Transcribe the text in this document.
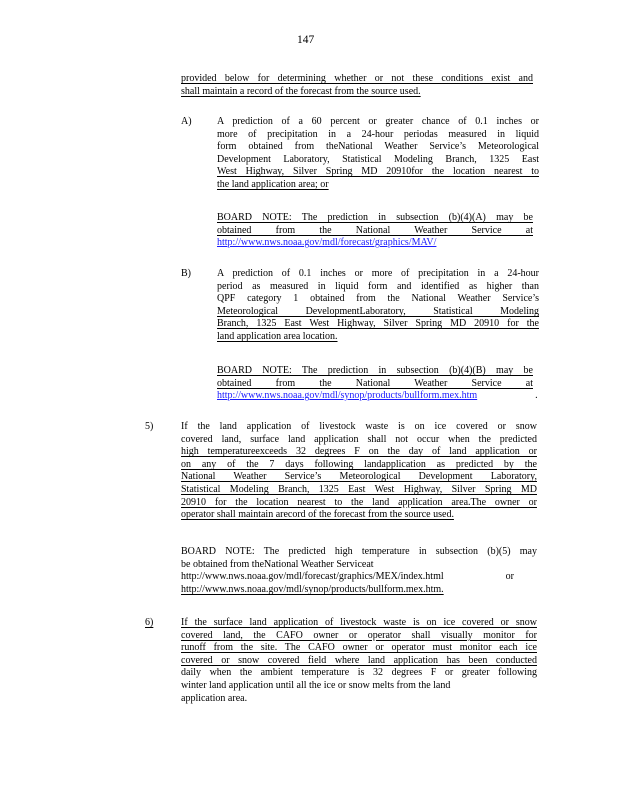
147
provided below for determining whether or not these conditions exist and
shall maintain a record of the forecast from the source used.
A)	A prediction of a 60 percent or greater chance of 0.1 inches or
more of precipitation in a 24-hour periodas measured in liquid
form obtained from theNational Weather Service’s Meteorological
Development Laboratory, Statistical Modeling Branch, 1325 East
West Highway, Silver Spring MD 20910for the location nearest to
the land application area; or
BOARD NOTE: The prediction in subsection (b)(4)(A) may be
obtained from the National Weather Service at
http://www.nws.noaa.gov/mdl/forecast/graphics/MAV/
B)	A prediction of 0.1 inches or more of precipitation in a 24-hour
period as measured in liquid form and identified as higher than
QPF category 1 obtained from the National Weather Service’s
Meteorological DevelopmentLaboratory, Statistical Modeling
Branch, 1325 East West Highway, Silver Spring MD 20910 for the
land application area location.
BOARD NOTE: The prediction in subsection (b)(4)(B) may be
obtained from the National Weather Service at
http://www.nws.noaa.gov/mdl/synop/products/bullform.mex.htm	.
5)	If the land application of livestock waste is on ice covered or snow
covered land, surface land application shall not occur when the predicted
high temperatureexceeds 32 degrees F on the day of land application or
on any of the 7 days following landapplication as predicted by the
National Weather Service’s Meteorological Development Laboratory,
Statistical Modeling Branch, 1325 East West Highway, Silver Spring MD
20910 for the location nearest to the land application area.The owner or
operator shall maintain arecord of the forecast from the source used.
BOARD NOTE: The predicted high temperature in subsection (b)(5) may
be obtained from theNational Weather Serviceat
http://www.nws.noaa.gov/mdl/forecast/graphics/MEX/index.html	or
http://www.nws.noaa.gov/mdl/synop/products/bullform.mex.htm.
6)	If the surface land application of livestock waste is on ice covered or snow
covered land, the CAFO owner or operator shall visually monitor for
runoff from the site. The CAFO owner or operator must monitor each ice
covered or snow covered field where land application has been conducted
daily when the ambient temperature is 32 degrees F or greater following
winter land application until all the ice or snow melts from the land
application area.
